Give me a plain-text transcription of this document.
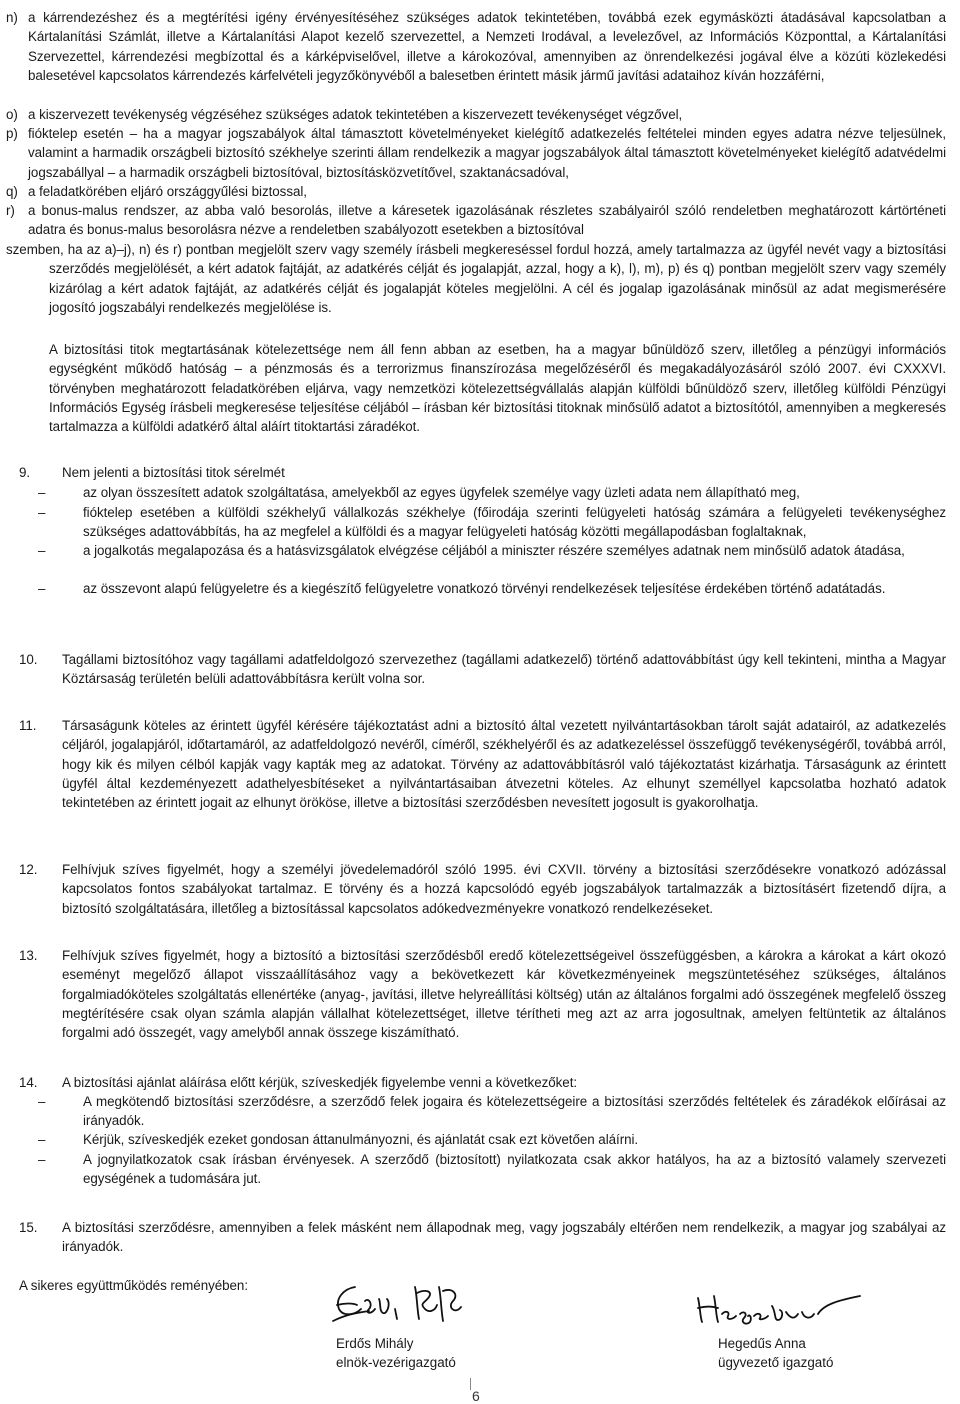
n) a kárrendezéshez és a megtérítési igény érvényesítéséhez szükséges adatok tekintetében, továbbá ezek egymásközti átadásával kapcsolatban a Kártalanítási Számlát, illetve a Kártalanítási Alapot kezelő szervezettel, a Nemzeti Irodával, a levelezővel, az Információs Központtal, a Kártalanítási Szervezettel, kárrendezési megbízottal és a kárképviselővel, illetve a károkozóval, amennyiben az önrendelkezési jogával élve a közúti közlekedési balesetével kapcsolatos kárrendezés kárfelvételi jegyzőkönyvéből a balesetben érintett másik jármű javítási adataihoz kíván hozzáférni,

o) a kiszervezett tevékenység végzéséhez szükséges adatok tekintetében a kiszervezett tevékenységet végzővel,

p) fióktelep esetén – ha a magyar jogszabályok által támasztott követelményeket kielégítő adatkezelés feltételei minden egyes adatra nézve teljesülnek, valamint a harmadik országbeli biztosító székhelye szerinti állam rendelkezik a magyar jogszabályok által támasztott követelményeket kielégítő adatvédelmi jogszabállyal – a harmadik országbeli biztosítóval, biztosításközvetítővel, szaktanácsadóval,

q) a feladatkörében eljáró országgyűlési biztossal,

r) a bonus-malus rendszer, az abba való besorolás, illetve a káresetek igazolásának részletes szabályairól szóló rendeletben meghatározott kártörténeti adatra és bonus-malus besorolásra nézve a rendeletben szabályozott esetekben a biztosítóval

szemben, ha az a)–j), n) és r) pontban megjelölt szerv vagy személy írásbeli megkereséssel fordul hozzá, amely tartalmazza az ügyfél nevét vagy a biztosítási szerződés megjelölését, a kért adatok fajtáját, az adatkérés célját és jogalapját, azzal, hogy a k), l), m), p) és q) pontban megjelölt szerv vagy személy kizárólag a kért adatok fajtáját, az adatkérés célját és jogalapját köteles megjelölni. A cél és jogalap igazolásának minősül az adat megismerésére jogosító jogszabályi rendelkezés megjelölése is.

A biztosítási titok megtartásának kötelezettsége nem áll fenn abban az esetben, ha a magyar bűnüldöző szerv, illetőleg a pénzügyi információs egységként működő hatóság – a pénzmosás és a terrorizmus finanszírozása megelőzéséről és megakadályozásáról szóló 2007. évi CXXXVI. törvényben meghatározott feladatkörében eljárva, vagy nemzetközi kötelezettségvállalás alapján külföldi bűnüldöző szerv, illetőleg külföldi Pénzügyi Információs Egység írásbeli megkeresése teljesítése céljából – írásban kér biztosítási titoknak minősülő adatot a biztosítótól, amennyiben a megkeresés tartalmazza a külföldi adatkérő által aláírt titoktartási záradékot.

9. Nem jelenti a biztosítási titok sérelmét

–	az olyan összesített adatok szolgáltatása, amelyekből az egyes ügyfelek személye vagy üzleti adata nem állapítható meg,

–	fióktelep esetében a külföldi székhelyű vállalkozás székhelye (főirodája szerinti felügyeleti hatóság számára a felügyeleti tevékenységhez szükséges adattovábbítás, ha az megfelel a külföldi és a magyar felügyeleti hatóság közötti megállapodásban foglaltaknak,

–	a jogalkotás megalapozása és a hatásvizsgálatok elvégzése céljából a miniszter részére személyes adatnak nem minősülő adatok átadása,

–	az összevont alapú felügyeletre és a kiegészítő felügyeletre vonatkozó törvényi rendelkezések teljesítése érdekében történő adatátadás.

10. Tagállami biztosítóhoz vagy tagállami adatfeldolgozó szervezethez (tagállami adatkezelő) történő adattovábbítást úgy kell tekinteni, mintha a Magyar Köztársaság területén belüli adattovábbításra került volna sor.

11. Társaságunk köteles az érintett ügyfél kérésére tájékoztatást adni a biztosító által vezetett nyilvántartásokban tárolt saját adatairól, az adatkezelés céljáról, jogalapjáról, időtartamáról, az adatfeldolgozó nevéről, címéről, székhelyéről és az adatkezeléssel összefüggő tevékenységéről, továbbá arról, hogy kik és milyen célból kapják vagy kapták meg az adatokat. Törvény az adattovábbításról való tájékoztatást kizárhatja. Társaságunk az érintett ügyfél által kezdeményezett adathelyesbítéseket a nyilvántartásaiban átvezetni köteles. Az elhunyt személlyel kapcsolatba hozható adatok tekintetében az érintett jogait az elhunyt örököse, illetve a biztosítási szerződésben nevesített jogosult is gyakorolhatja.

12. Felhívjuk szíves figyelmét, hogy a személyi jövedelemadóról szóló 1995. évi CXVII. törvény a biztosítási szerződésekre vonatkozó adózással kapcsolatos fontos szabályokat tartalmaz. E törvény és a hozzá kapcsolódó egyéb jogszabályok tartalmazzák a biztosításért fizetendő díjra, a biztosító szolgáltatására, illetőleg a biztosítással kapcsolatos adókedvezményekre vonatkozó rendelkezéseket.

13. Felhívjuk szíves figyelmét, hogy a biztosító a biztosítási szerződésből eredő kötelezettségeivel összefüggésben, a károkra a károkat a kárt okozó eseményt megelőző állapot visszaállításához vagy a bekövetkezett kár következményeinek megszüntetéséhez szükséges, általános forgalmiadóköteles szolgáltatás ellenértéke (anyag-, javítási, illetve helyreállítási költség) után az általános forgalmi adó összegének megfelelő összeg megtérítésére csak olyan számla alapján vállalhat kötelezettséget, illetve térítheti meg azt az arra jogosultnak, amelyen feltüntetik az általános forgalmi adó összegét, vagy amelyből annak összege kiszámítható.

14. A biztosítási ajánlat aláírása előtt kérjük, szíveskedjék figyelembe venni a következőket:

–	A megkötendő biztosítási szerződésre, a szerződő felek jogaira és kötelezettségeire a biztosítási szerződés feltételek és záradékok előírásai az irányadók.

–	Kérjük, szíveskedjék ezeket gondosan áttanulmányozni, és ajánlatát csak ezt követően aláírni.

–	A jognyilatkozatok csak írásban érvényesek. A szerződő (biztosított) nyilatkozata csak akkor hatályos, ha az a biztosító valamely szervezeti egységének a tudomására jut.

15. A biztosítási szerződésre, amennyiben a felek másként nem állapodnak meg, vagy jogszabály eltérően nem rendelkezik, a magyar jog szabályai az irányadók.

A sikeres együttműködés reményében:

Erdős Mihály
elnök-vezérigazgató
Hegedűs Anna
ügyvezető igazgató
6
